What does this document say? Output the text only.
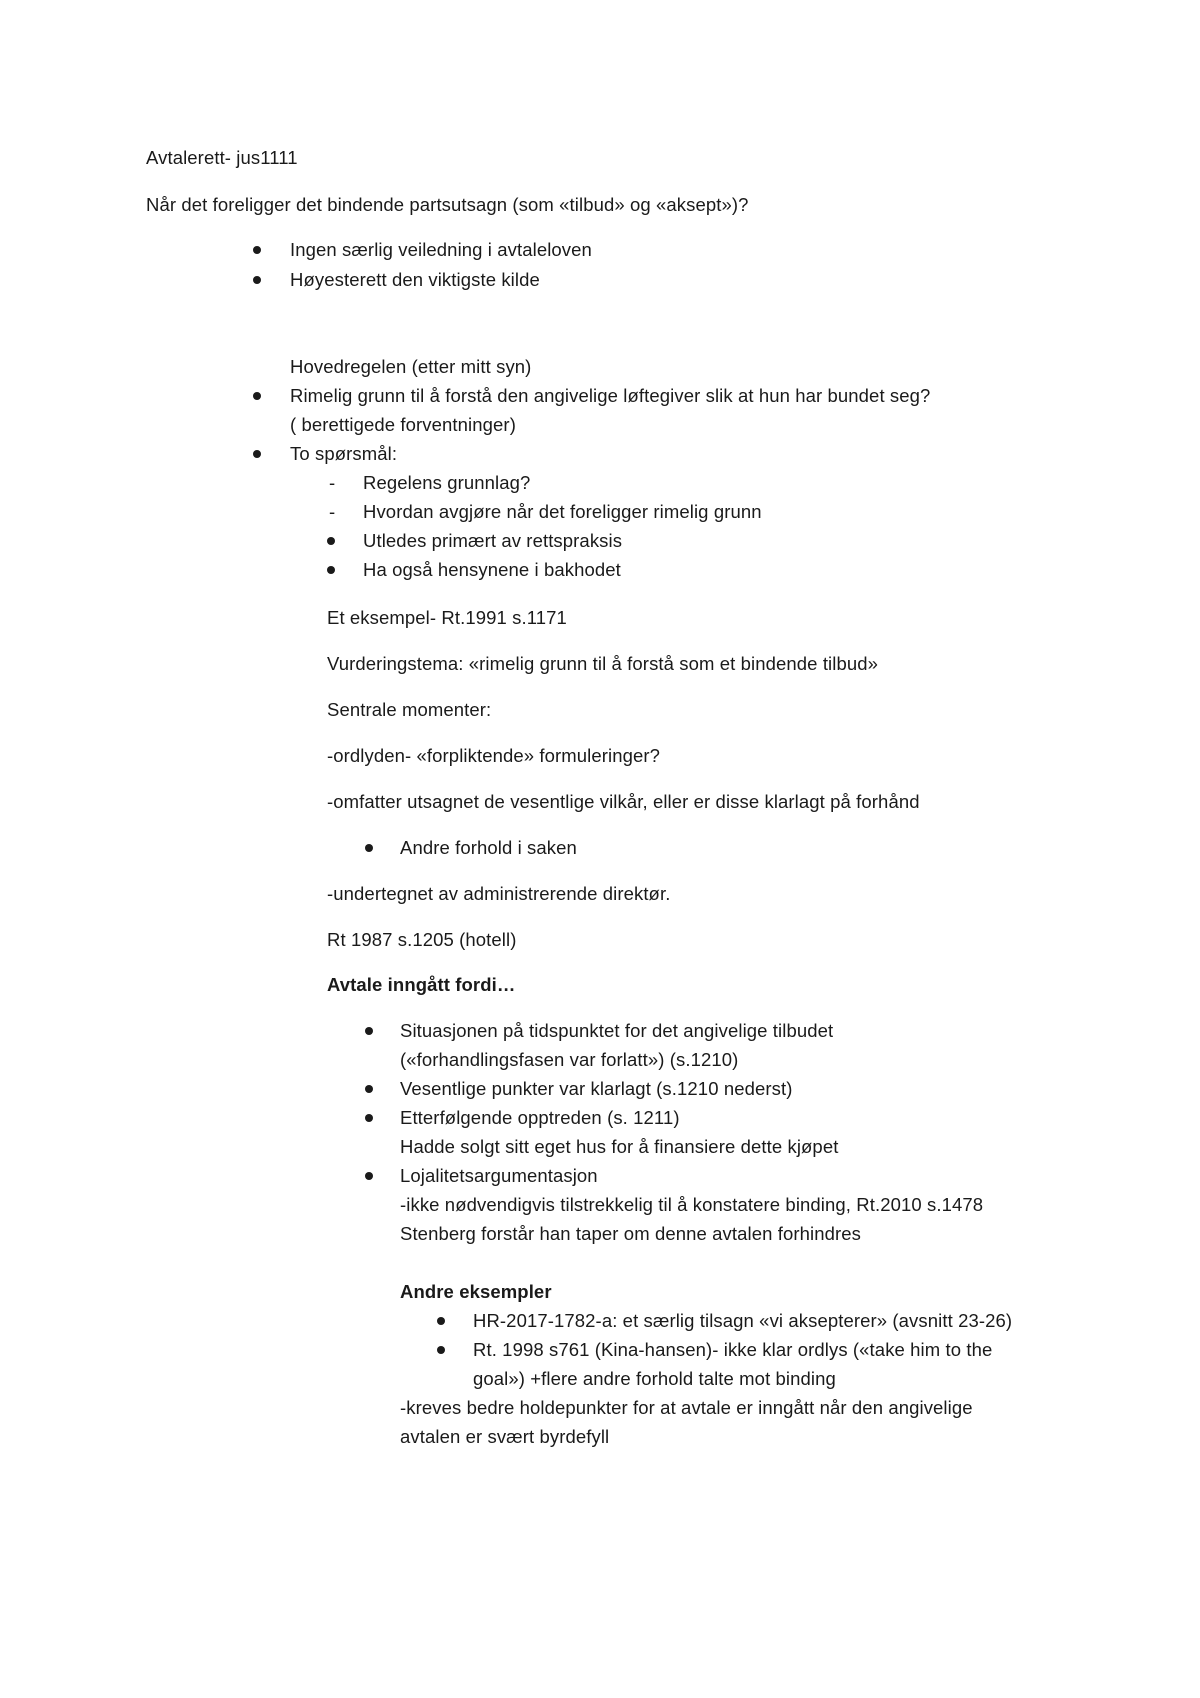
Avtalerett- jus1111
Når det foreligger det bindende partsutsagn (som «tilbud» og «aksept»)?
Ingen særlig veiledning i avtaleloven
Høyesterett den viktigste kilde
Hovedregelen (etter mitt syn)
Rimelig grunn til å forstå den angivelige løftegiver slik at hun har bundet seg?
( berettigede forventninger)
To spørsmål:
- Regelens grunnlag?
- Hvordan avgjøre når det foreligger rimelig grunn
Utledes primært av rettspraksis
Ha også hensynene i bakhodet
Et eksempel- Rt.1991 s.1171
Vurderingstema: «rimelig grunn til å forstå som et bindende tilbud»
Sentrale momenter:
-ordlyden- «forpliktende» formuleringer?
-omfatter utsagnet de vesentlige vilkår, eller er disse klarlagt på forhånd
Andre forhold i saken
-undertegnet av administrerende direktør.
Rt 1987 s.1205 (hotell)
Avtale inngått fordi…
Situasjonen på tidspunktet for det angivelige tilbudet
(«forhandlingsfasen var forlatt») (s.1210)
Vesentlige punkter var klarlagt (s.1210 nederst)
Etterfølgende opptreden (s. 1211)
Hadde solgt sitt eget hus for å finansiere dette kjøpet
Lojalitetsargumentasjon
-ikke nødvendigvis tilstrekkelig til å konstatere binding, Rt.2010 s.1478
Stenberg forstår han taper om denne avtalen forhindres
Andre eksempler
HR-2017-1782-a: et særlig tilsagn «vi aksepterer» (avsnitt 23-26)
Rt. 1998 s761 (Kina-hansen)- ikke klar ordlys («take him to the
goal») +flere andre forhold talte mot binding
-kreves bedre holdepunkter for at avtale er inngått når den angivelige
avtalen er svært byrdefyll
